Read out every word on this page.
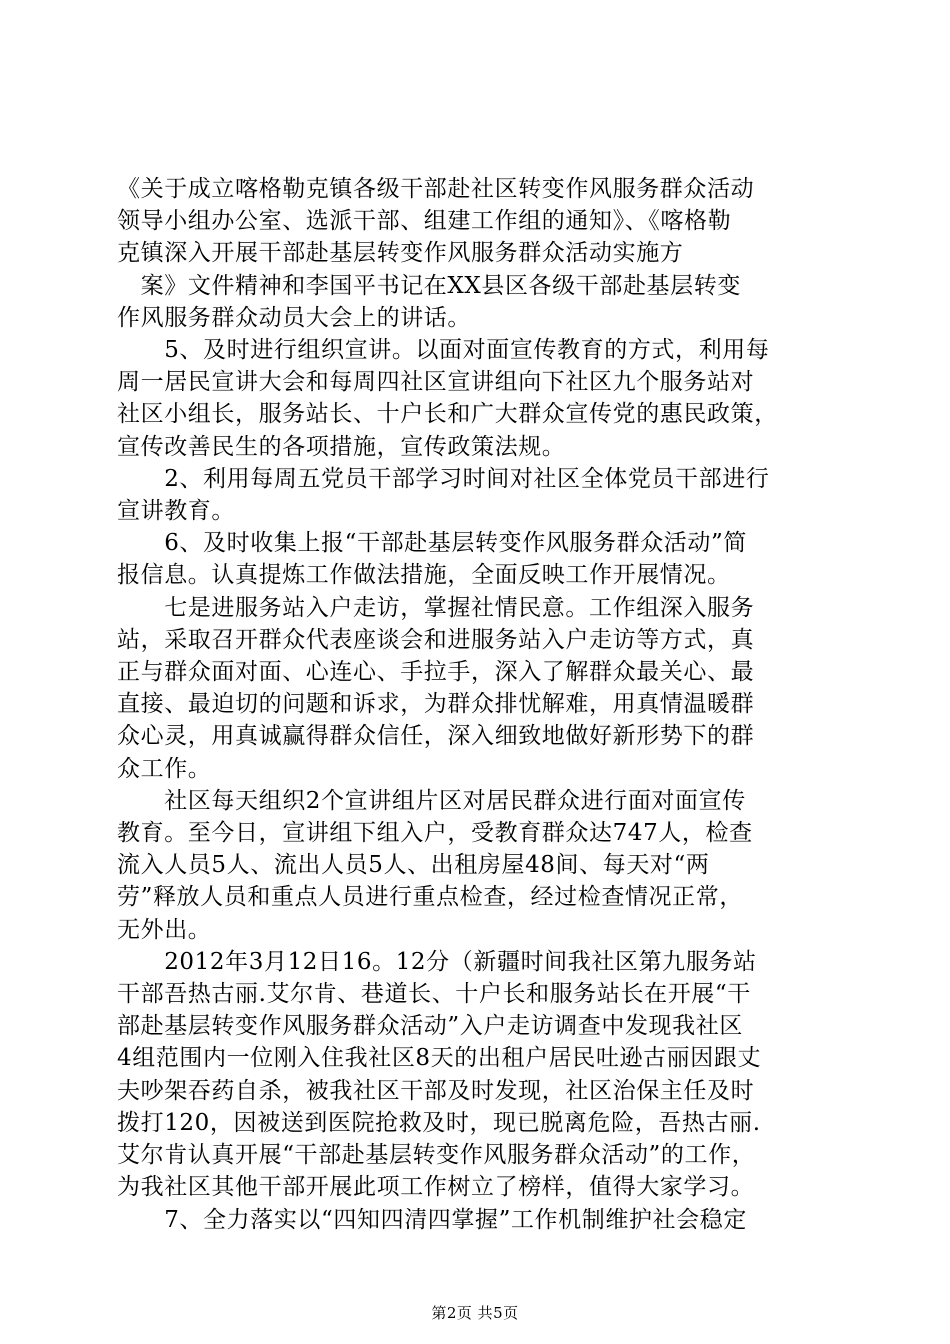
《关于成立喀格勒克镇各级干部赴社区转变作风服务群众活动
领导小组办公室、选派干部、组建工作组的通知》、《喀格勒
克镇深入开展干部赴基层转变作风服务群众活动实施方
　案》文件精神和李国平书记在XX县区各级干部赴基层转变
作风服务群众动员大会上的讲话。
　　5、及时进行组织宣讲。以面对面宣传教育的方式，利用每
周一居民宣讲大会和每周四社区宣讲组向下社区九个服务站对
社区小组长，服务站长、十户长和广大群众宣传党的惠民政策，
宣传改善民生的各项措施，宣传政策法规。
　　2、利用每周五党员干部学习时间对社区全体党员干部进行
宣讲教育。
　　6、及时收集上报“干部赴基层转变作风服务群众活动”简
报信息。认真提炼工作做法措施，全面反映工作开展情况。
　　七是进服务站入户走访，掌握社情民意。工作组深入服务
站，采取召开群众代表座谈会和进服务站入户走访等方式，真
正与群众面对面、心连心、手拉手，深入了解群众最关心、最
直接、最迫切的问题和诉求，为群众排忧解难，用真情温暖群
众心灵，用真诚赢得群众信任，深入细致地做好新形势下的群
众工作。
　　社区每天组织2个宣讲组片区对居民群众进行面对面宣传
教育。至今日，宣讲组下组入户，受教育群众达747人，检查
流入人员5人、流出人员5人、出租房屋48间、每天对“两
劳”释放人员和重点人员进行重点检查，经过检查情况正常，
无外出。
　　2012年3月12日16。12分（新疆时间我社区第九服务站
干部吾热古丽.艾尔肯、巷道长、十户长和服务站长在开展“干
部赴基层转变作风服务群众活动”入户走访调查中发现我社区
4组范围内一位刚入住我社区8天的出租户居民吐逊古丽因跟丈
夫吵架吞药自杀，被我社区干部及时发现，社区治保主任及时
拨打120，因被送到医院抢救及时，现已脱离危险，吾热古丽.
艾尔肯认真开展“干部赴基层转变作风服务群众活动”的工作，
为我社区其他干部开展此项工作树立了榜样，值得大家学习。
　　7、全力落实以“四知四清四掌握”工作机制维护社会稳定
第2页 共5页
